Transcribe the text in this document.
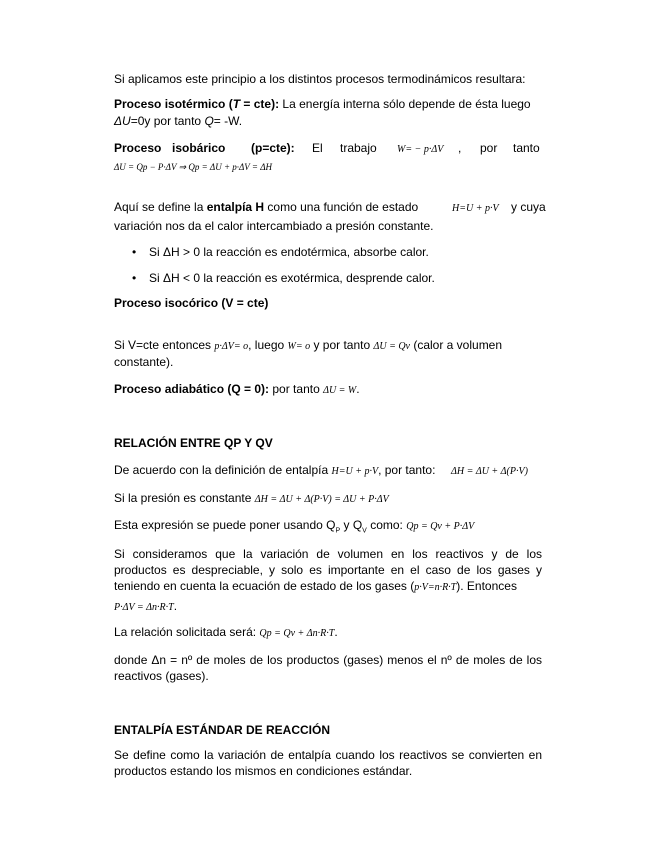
Si aplicamos este principio a los distintos procesos termodinámicos resultara:
Proceso isotérmico (T = cte): La energía interna sólo depende de ésta luego
ΔU=0y por tanto Q= -W.
Proceso isobárico (p=cte): El trabajo W= − p·ΔV , por tanto
ΔU = Qp − P·ΔV ⇒ Qp = ΔU + p·ΔV = ΔH
Aquí se define la entalpía H como una función de estado	H=U + p·V y cuya
variación nos da el calor intercambiado a presión constante.
• Si ΔH > 0 la reacción es endotérmica, absorbe calor.
• Si ΔH < 0 la reacción es exotérmica, desprende calor.
Proceso isocórico (V = cte)
Si V=cte entonces p·ΔV= o, luego W= o y por tanto ΔU = Qv (calor a volumen
constante).
Proceso adiabático (Q = 0): por tanto ΔU = W.
RELACIÓN ENTRE QP Y QV
De acuerdo con la definición de entalpía H=U + p·V, por tanto: ΔH = ΔU + Δ(P·V)
Si la presión es constante ΔH = ΔU + Δ(P·V) = ΔU + P·ΔV
Esta expresión se puede poner usando $Q_P$ y $Q_V$ como: Qp = Qv + P·ΔV
Si consideramos que la variación de volumen en los reactivos y de los productos es despreciable, y solo es importante en el caso de los gases y teniendo en cuenta la ecuación de estado de los gases (p·V=n·R·T). Entonces
P·ΔV = Δn·R·T.
La relación solicitada será: Qp = Qv + Δn·R·T.
donde Δn = nº de moles de los productos (gases) menos el nº de moles de los reactivos (gases).
ENTALPÍA ESTÁNDAR DE REACCIÓN
Se define como la variación de entalpía cuando los reactivos se convierten en productos estando los mismos en condiciones estándar.
